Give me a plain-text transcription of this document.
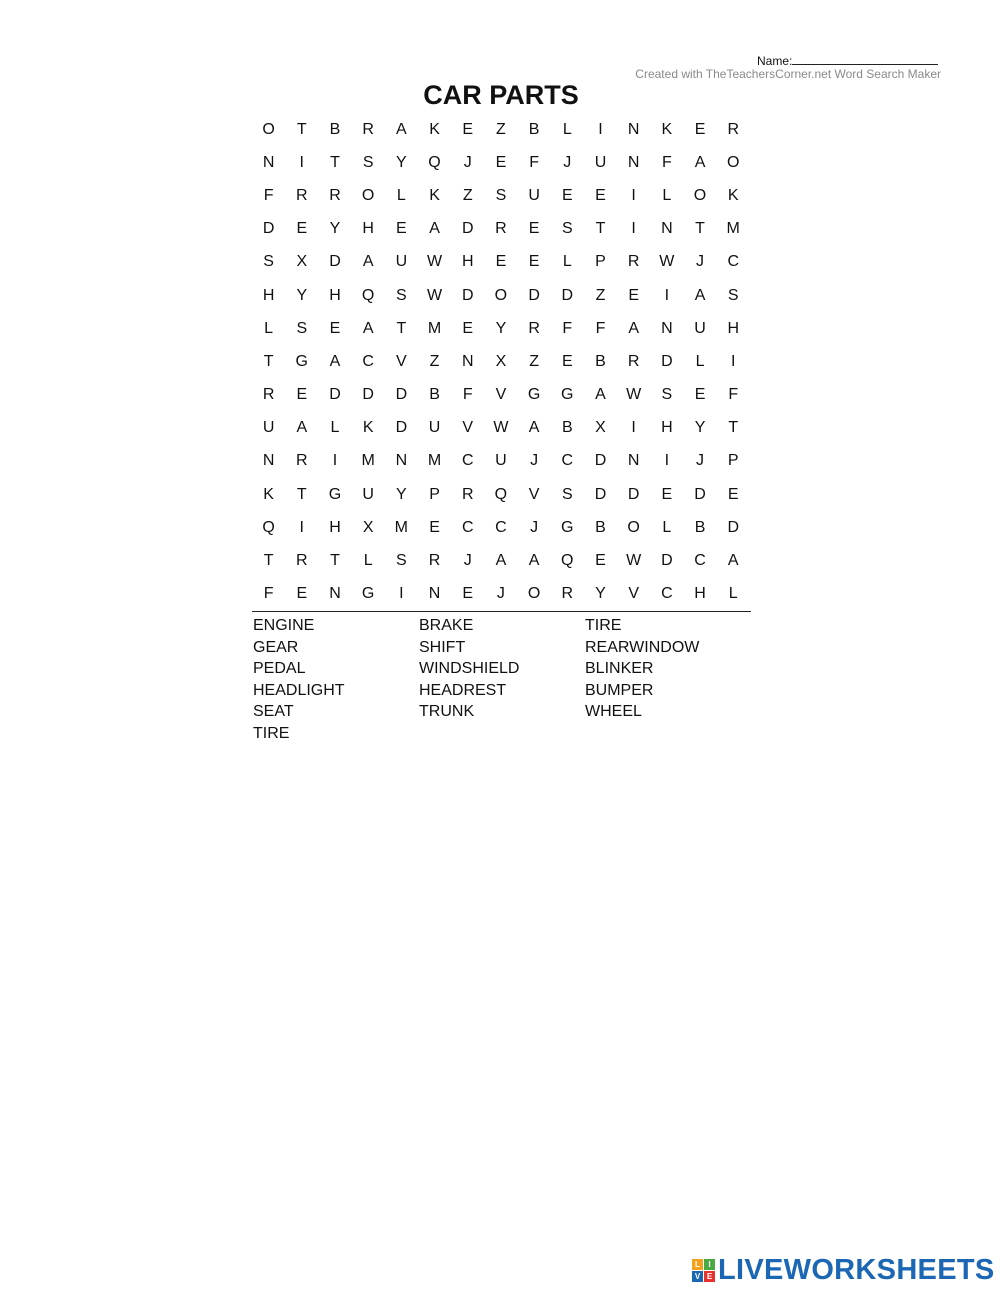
Name:
Created with TheTeachersCorner.net Word Search Maker
CAR PARTS
O	T	B	R	A	K	E	Z	B	L	I	N	K	E	R
N	I	T	S	Y	Q	J	E	F	J	U	N	F	A	O
F	R	R	O	L	K	Z	S	U	E	E	I	L	O	K
D	E	Y	H	E	A	D	R	E	S	T	I	N	T	M
S	X	D	A	U	W	H	E	E	L	P	R	W	J	C
H	Y	H	Q	S	W	D	O	D	D	Z	E	I	A	S
L	S	E	A	T	M	E	Y	R	F	F	A	N	U	H
T	G	A	C	V	Z	N	X	Z	E	B	R	D	L	I
R	E	D	D	D	B	F	V	G	G	A	W	S	E	F
U	A	L	K	D	U	V	W	A	B	X	I	H	Y	T
N	R	I	M	N	M	C	U	J	C	D	N	I	J	P
K	T	G	U	Y	P	R	Q	V	S	D	D	E	D	E
Q	I	H	X	M	E	C	C	J	G	B	O	L	B	D
T	R	T	L	S	R	J	A	A	Q	E	W	D	C	A
F	E	N	G	I	N	E	J	O	R	Y	V	C	H	L
ENGINE
GEAR
PEDAL
HEADLIGHT
SEAT
TIRE
BRAKE
SHIFT
WINDSHIELD
HEADREST
TRUNK
TIRE
REARWINDOW
BLINKER
BUMPER
WHEEL
L	I
V E LIVEWORKSHEETS
